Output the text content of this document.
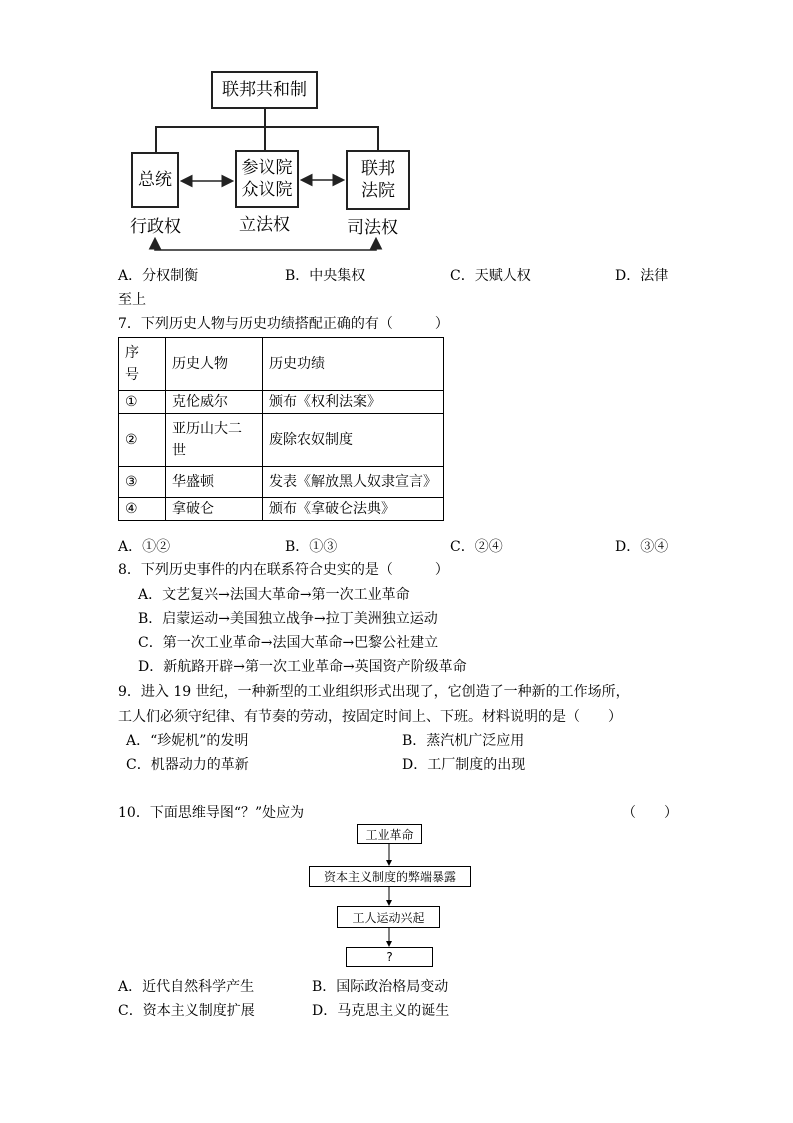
联邦共和制
总统
参议院
众议院
联邦
法院
行政权	立法权	司法权
A．分权制衡	B．中央集权	C．天赋人权	D．法律
至上
7．下列历史人物与历史功绩搭配正确的有（　　　）
序号	历史人物	历史功绩
①	克伦威尔	颁布《权利法案》
②	亚历山大二世	废除农奴制度
③	华盛顿	发表《解放黑人奴隶宣言》
④	拿破仑	颁布《拿破仑法典》
A．①②	B．①③	C．②④	D．③④
8．下列历史事件的内在联系符合史实的是（　　　）
A．文艺复兴→法国大革命→第一次工业革命
B．启蒙运动→美国独立战争→拉丁美洲独立运动
C．第一次工业革命→法国大革命→巴黎公社建立
D．新航路开辟→第一次工业革命→英国资产阶级革命
9．进入 19 世纪，一种新型的工业组织形式出现了，它创造了一种新的工作场所，
工人们必须守纪律、有节奏的劳动，按固定时间上、下班。材料说明的是（　　）
A．“珍妮机”的发明	B．蒸汽机广泛应用
C．机器动力的革新	D．工厂制度的出现
10．下面思维导图“？”处应为	（　　）
工业革命
资本主义制度的弊端暴露
工人运动兴起
?
A．近代自然科学产生	B．国际政治格局变动
C．资本主义制度扩展	D．马克思主义的诞生
